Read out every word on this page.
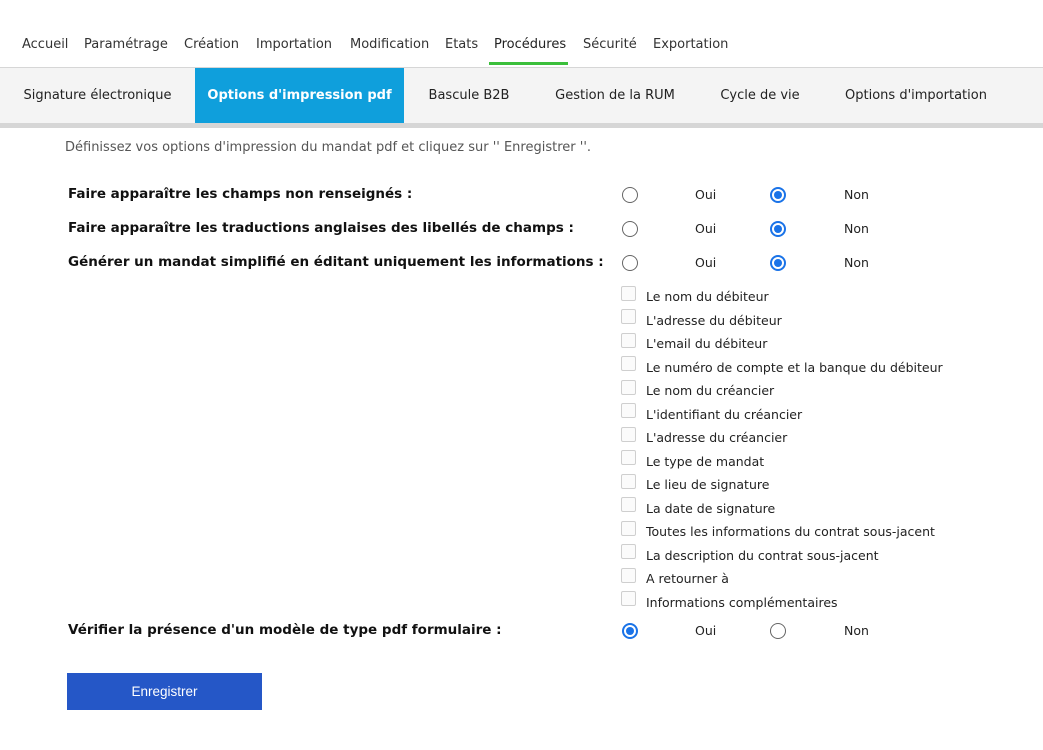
Accueil Paramétrage Création Importation Modification Etats Procédures Sécurité Exportation
Signature électronique	Options d'impression pdf	Bascule B2B	Gestion de la RUM	Cycle de vie	Options d'importation

Définissez vos options d'impression du mandat pdf et cliquez sur '' Enregistrer ''.

Faire apparaître les champs non renseignés :	Oui	Non
Faire apparaître les traductions anglaises des libellés de champs :	Oui	Non
Générer un mandat simplifié en éditant uniquement les informations :	Oui	Non
Le nom du débiteur
L'adresse du débiteur
L'email du débiteur
Le numéro de compte et la banque du débiteur
Le nom du créancier
L'identifiant du créancier
L'adresse du créancier
Le type de mandat
Le lieu de signature
La date de signature
Toutes les informations du contrat sous-jacent
La description du contrat sous-jacent
A retourner à
Informations complémentaires
Vérifier la présence d'un modèle de type pdf formulaire :	Oui	Non
Enregistrer
